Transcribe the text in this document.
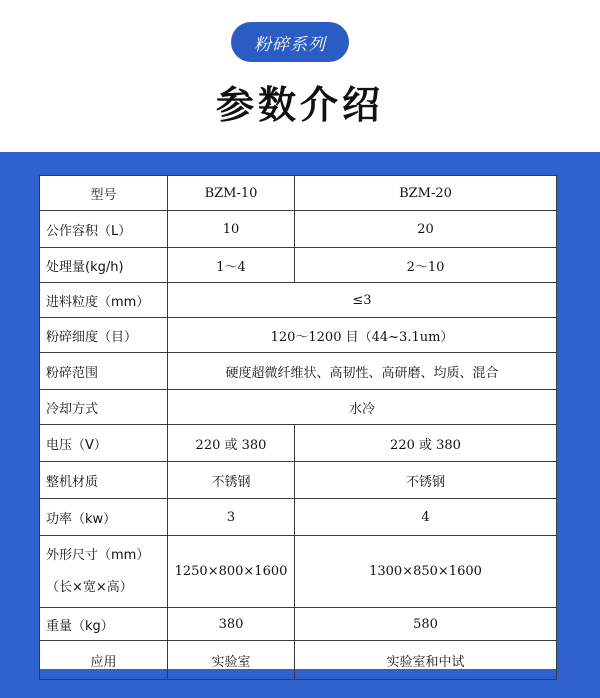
粉碎系列
参数介绍
型号	BZM-10	BZM-20
公作容积（L）	10	20
处理量(kg/h)	1～4	2～10
进料粒度（mm）	≤3	
粉碎细度（目）	120～1200 目（44~3.1um）	
粉碎范围	硬度超微纤维状、高韧性、高研磨、均质、混合	
冷却方式	水冷	
电压（V）	220 或 380	220 或 380
整机材质	不锈钢	不锈钢
功率（kw）	3	4

外形尺寸（mm）
（长×宽×高）	1250×800×1600	1300×850×1600
重量（kg）	380	580
应用	实验室	实验室和中试
